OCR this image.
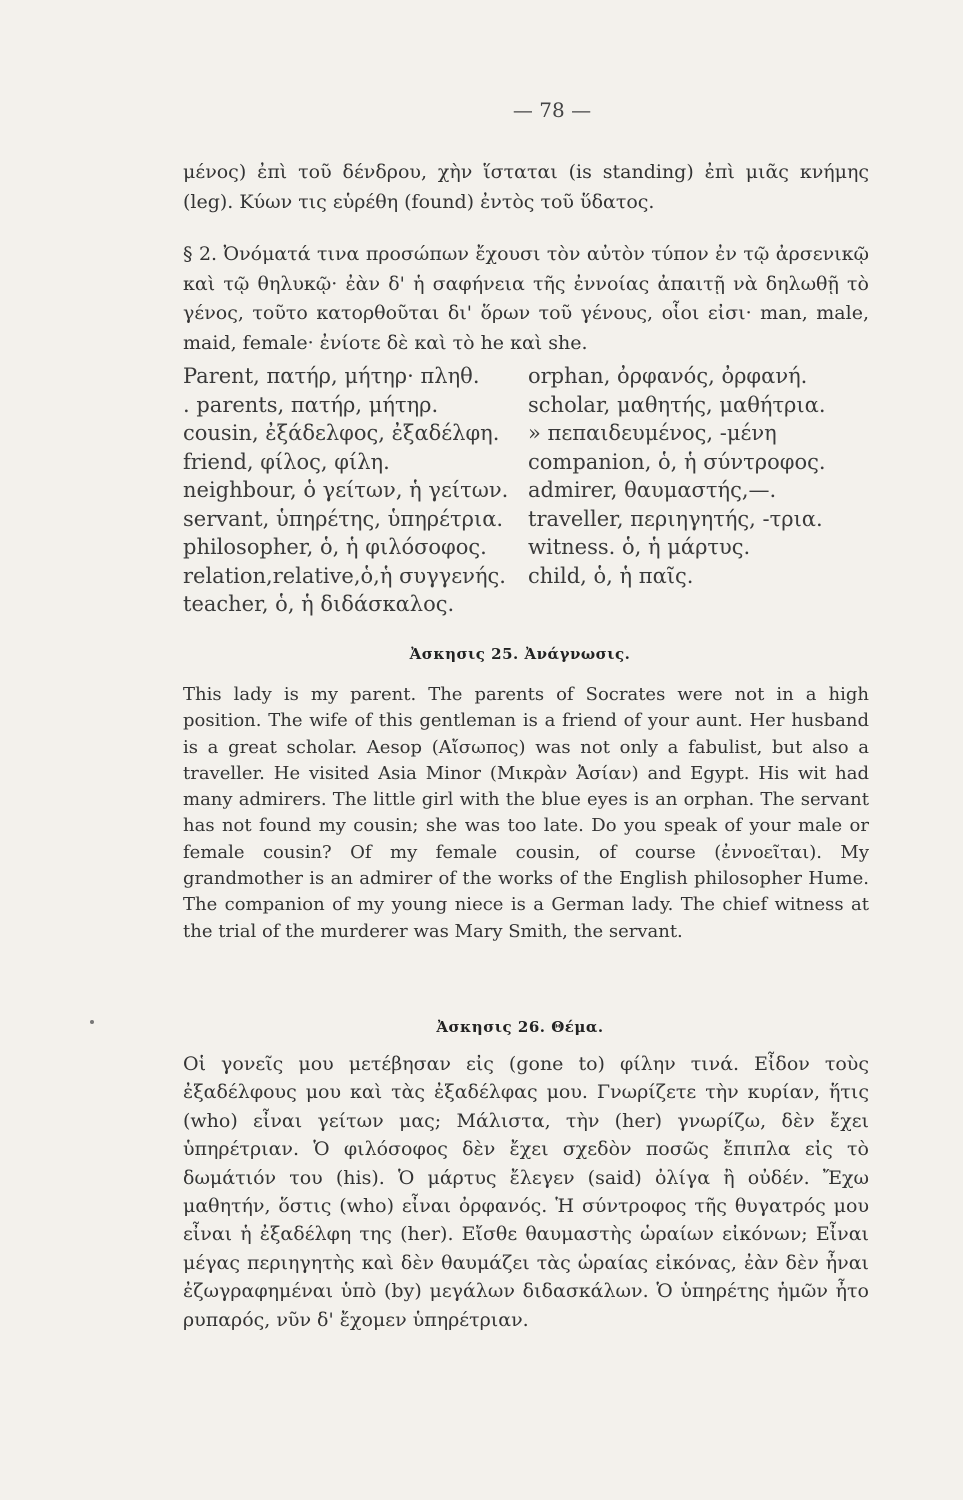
— 78 —
μένος) ἐπὶ τοῦ δένδρου, χὴν ἵσταται (is standing) ἐπὶ μιᾶς κνήμης (leg). Κύων τις εὑρέθη (found) ἐντὸς τοῦ ὕδατος.
§ 2. Ὀνόματά τινα προσώπων ἔχουσι τὸν αὐτὸν τύπον ἐν τῷ ἀρσενικῷ καὶ τῷ θηλυκῷ· ἐὰν δ' ἡ σαφήνεια τῆς ἐννοίας ἀπαιτῇ νὰ δηλωθῇ τὸ γένος, τοῦτο κατορθοῦται δι' ὅρων τοῦ γένους, οἷοι εἰσι· man, male, maid, female· ἐνίοτε δὲ καὶ τὸ he καὶ she.
Parent, πατήρ, μήτηρ· πληθ.
. parents, πατήρ, μήτηρ.
cousin, ἐξάδελφος, ἐξαδέλφη.
friend, φίλος, φίλη.
neighbour, ὁ γείτων, ἡ γείτων.
servant, ὑπηρέτης, ὑπηρέτρια.
philosopher, ὁ, ἡ φιλόσοφος.
relation,relative,ὁ,ἡ συγγενής.
teacher, ὁ, ἡ διδάσκαλος.
orphan, ὀρφανός, ὀρφανή.
scholar, μαθητής, μαθήτρια.
» πεπαιδευμένος, -μένη
companion, ὁ, ἡ σύντροφος.
admirer, θαυμαστής,—.
traveller, περιηγητής, -τρια.
witness. ὁ, ἡ μάρτυς.
child, ὁ, ἡ παῖς.
Ἀσκησις 25. Ἀνάγνωσις.
This lady is my parent. The parents of Socrates were not in a high position. The wife of this gentleman is a friend of your aunt. Her husband is a great scholar. Aesop (Αἴσωπος) was not only a fabulist, but also a traveller. He visited Asia Minor (Μικρὰν Ἀσίαν) and Egypt. His wit had many admirers. The little girl with the blue eyes is an orphan. The servant has not found my cousin; she was too late. Do you speak of your male or female cousin? Of my female cousin, of course (ἐννοεῖται). My grandmother is an admirer of the works of the English philosopher Hume. The companion of my young niece is a German lady. The chief witness at the trial of the murderer was Mary Smith, the servant.
Ἀσκησις 26. Θέμα.
Οἱ γονεῖς μου μετέβησαν εἰς (gone to) φίλην τινά. Εἶδον τοὺς ἐξαδέλφους μου καὶ τὰς ἐξαδέλφας μου. Γνωρίζετε τὴν κυρίαν, ἥτις (who) εἶναι γείτων μας; Μάλιστα, τὴν (her) γνωρίζω, δὲν ἔχει ὑπηρέτριαν. Ὁ φιλόσοφος δὲν ἔχει σχεδὸν ποσῶς ἔπιπλα εἰς τὸ δωμάτιόν του (his). Ὁ μάρτυς ἔλεγεν (said) ὀλίγα ἢ οὐδέν. Ἔχω μαθητήν, ὅστις (who) εἶναι ὀρφανός. Ἡ σύντροφος τῆς θυγατρός μου εἶναι ἡ ἐξαδέλφη της (her). Εἴσθε θαυμαστὴς ὡραίων εἰκόνων; Εἶναι μέγας περιηγητὴς καὶ δὲν θαυμάζει τὰς ὡραίας εἰκόνας, ἐὰν δὲν ἦναι ἐζωγραφημέναι ὑπὸ (by) μεγάλων διδασκάλων. Ὁ ὑπηρέτης ἡμῶν ἦτο ρυπαρός, νῦν δ' ἔχομεν ὑπηρέτριαν.
